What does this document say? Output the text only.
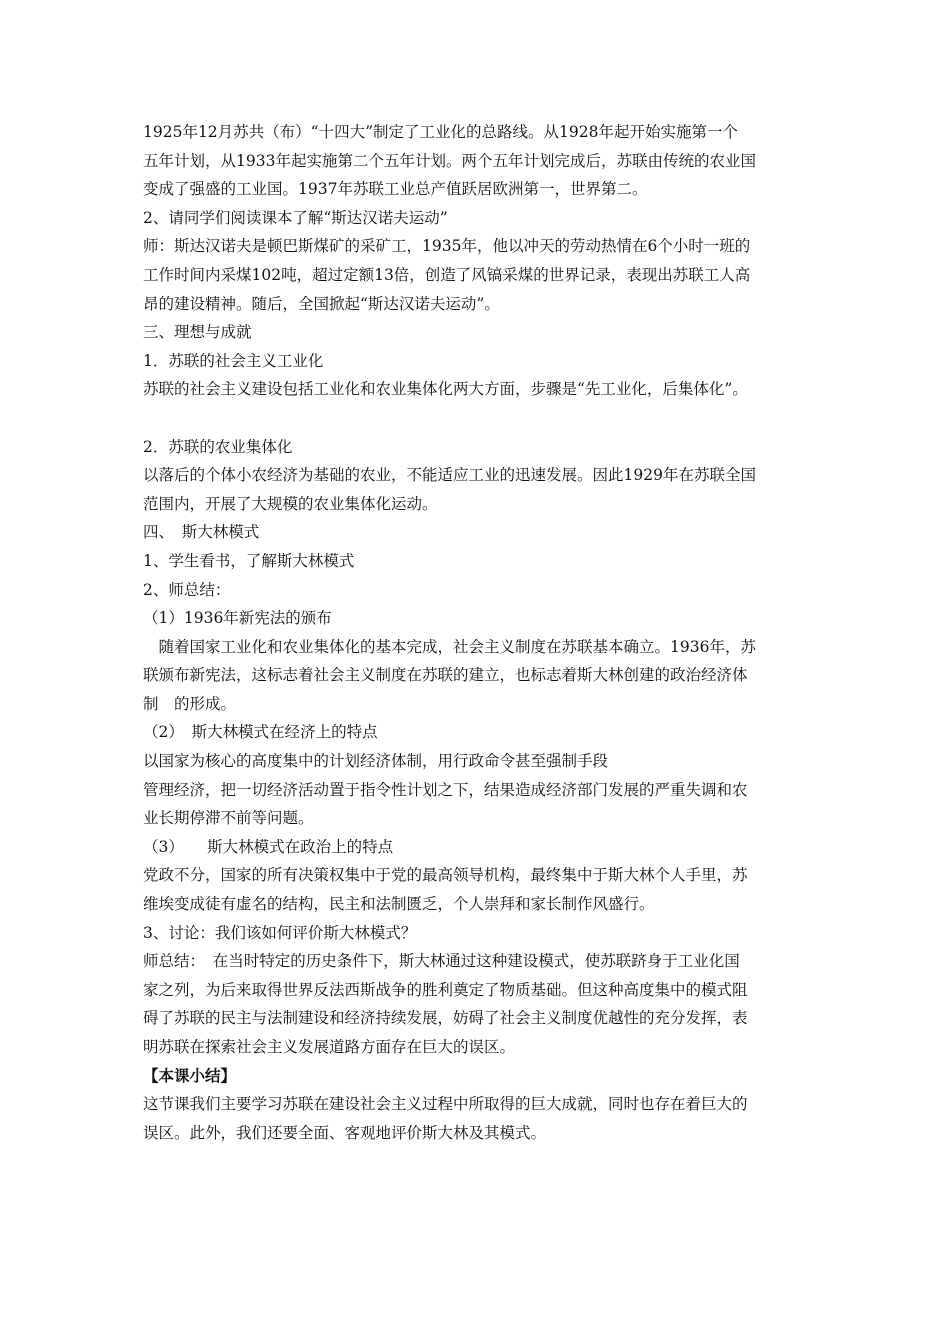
1925年12月苏共（布）“十四大”制定了工业化的总路线。从1928年起开始实施第一个
五年计划，从1933年起实施第二个五年计划。两个五年计划完成后，苏联由传统的农业国
变成了强盛的工业国。1937年苏联工业总产值跃居欧洲第一，世界第二。
2、请同学们阅读课本了解“斯达汉诺夫运动”
师：斯达汉诺夫是顿巴斯煤矿的采矿工，1935年，他以冲天的劳动热情在6个小时一班的
工作时间内采煤102吨，超过定额13倍，创造了风镐采煤的世界记录，表现出苏联工人高
昂的建设精神。随后，全国掀起“斯达汉诺夫运动”。
三、理想与成就
1．苏联的社会主义工业化
苏联的社会主义建设包括工业化和农业集体化两大方面，步骤是“先工业化，后集体化”。
2．苏联的农业集体化
以落后的个体小农经济为基础的农业，不能适应工业的迅速发展。因此1929年在苏联全国
范围内，开展了大规模的农业集体化运动。
四、　斯大林模式
1、学生看书，了解斯大林模式
2、师总结：
（1）1936年新宪法的颁布
　随着国家工业化和农业集体化的基本完成，社会主义制度在苏联基本确立。1936年，苏
联颁布新宪法，这标志着社会主义制度在苏联的建立，也标志着斯大林创建的政治经济体
制　的形成。
（2）　斯大林模式在经济上的特点
以国家为核心的高度集中的计划经济体制，用行政命令甚至强制手段
管理经济，把一切经济活动置于指令性计划之下，结果造成经济部门发展的严重失调和农
业长期停滞不前等问题。
（3）　　斯大林模式在政治上的特点
党政不分，国家的所有决策权集中于党的最高领导机构，最终集中于斯大林个人手里，苏
维埃变成徒有虚名的结构，民主和法制匮乏，个人崇拜和家长制作风盛行。
3、讨论：我们该如何评价斯大林模式？
师总结：　在当时特定的历史条件下，斯大林通过这种建设模式，使苏联跻身于工业化国
家之列，为后来取得世界反法西斯战争的胜利奠定了物质基础。但这种高度集中的模式阻
碍了苏联的民主与法制建设和经济持续发展，妨碍了社会主义制度优越性的充分发挥，表
明苏联在探索社会主义发展道路方面存在巨大的误区。
【本课小结】
这节课我们主要学习苏联在建设社会主义过程中所取得的巨大成就，同时也存在着巨大的
误区。此外，我们还要全面、客观地评价斯大林及其模式。
